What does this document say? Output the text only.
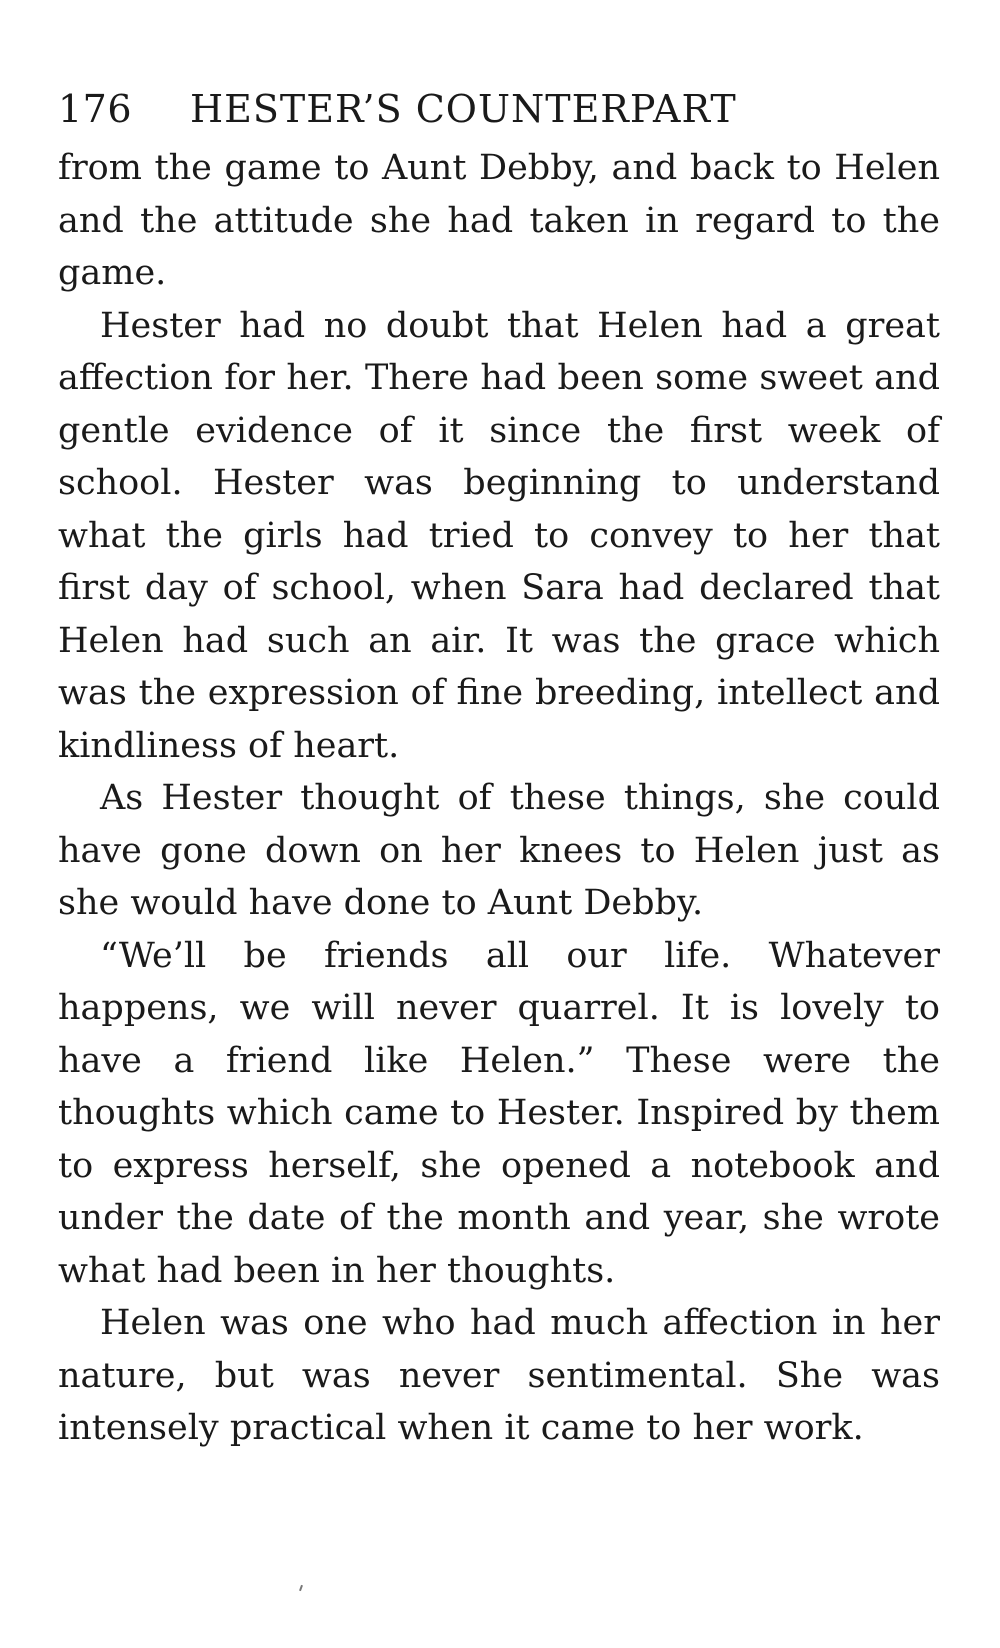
176	HESTER’S COUNTERPART

from the game to Aunt Debby, and back to Helen and the attitude she had taken in regard to the game.

Hester had no doubt that Helen had a great affection for her. There had been some sweet and gentle evidence of it since the first week of school. Hester was beginning to understand what the girls had tried to convey to her that first day of school, when Sara had declared that Helen had such an air. It was the grace which was the expression of fine breeding, intellect and kindliness of heart.

As Hester thought of these things, she could have gone down on her knees to Helen just as she would have done to Aunt Debby.

“We’ll be friends all our life. Whatever happens, we will never quarrel. It is lovely to have a friend like Helen.” These were the thoughts which came to Hester. Inspired by them to express herself, she opened a notebook and under the date of the month and year, she wrote what had been in her thoughts.

Helen was one who had much affection in her nature, but was never sentimental. She was intensely practical when it came to her work.
